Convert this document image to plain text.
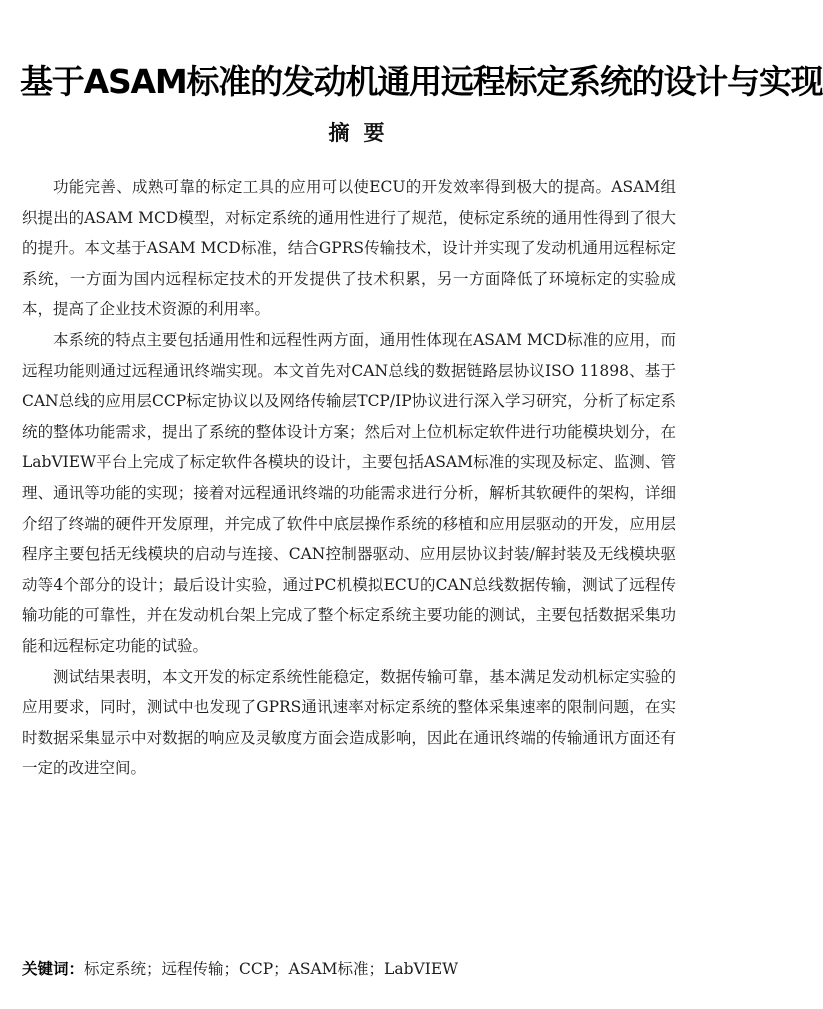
基于ASAM标准的发动机通用远程标定系统的设计与实现
摘要

功能完善、成熟可靠的标定工具的应用可以使ECU的开发效率得到极大的提高。ASAM组织提出的ASAM MCD模型，对标定系统的通用性进行了规范，使标定系统的通用性得到了很大的提升。本文基于ASAM MCD标准，结合GPRS传输技术，设计并实现了发动机通用远程标定系统，一方面为国内远程标定技术的开发提供了技术积累，另一方面降低了环境标定的实验成本，提高了企业技术资源的利用率。

本系统的特点主要包括通用性和远程性两方面，通用性体现在ASAM MCD标准的应用，而远程功能则通过远程通讯终端实现。本文首先对CAN总线的数据链路层协议ISO 11898、基于CAN总线的应用层CCP标定协议以及网络传输层TCP/IP协议进行深入学习研究，分析了标定系统的整体功能需求，提出了系统的整体设计方案；然后对上位机标定软件进行功能模块划分，在LabVIEW平台上完成了标定软件各模块的设计，主要包括ASAM标准的实现及标定、监测、管理、通讯等功能的实现；接着对远程通讯终端的功能需求进行分析，解析其软硬件的架构，详细介绍了终端的硬件开发原理，并完成了软件中底层操作系统的移植和应用层驱动的开发，应用层程序主要包括无线模块的启动与连接、CAN控制器驱动、应用层协议封装/解封装及无线模块驱动等4个部分的设计；最后设计实验，通过PC机模拟ECU的CAN总线数据传输，测试了远程传输功能的可靠性，并在发动机台架上完成了整个标定系统主要功能的测试，主要包括数据采集功能和远程标定功能的试验。

测试结果表明，本文开发的标定系统性能稳定，数据传输可靠，基本满足发动机标定实验的应用要求，同时，测试中也发现了GPRS通讯速率对标定系统的整体采集速率的限制问题，在实时数据采集显示中对数据的响应及灵敏度方面会造成影响，因此在通讯终端的传输通讯方面还有一定的改进空间。

关键词：标定系统；远程传输；CCP；ASAM标准；LabVIEW
